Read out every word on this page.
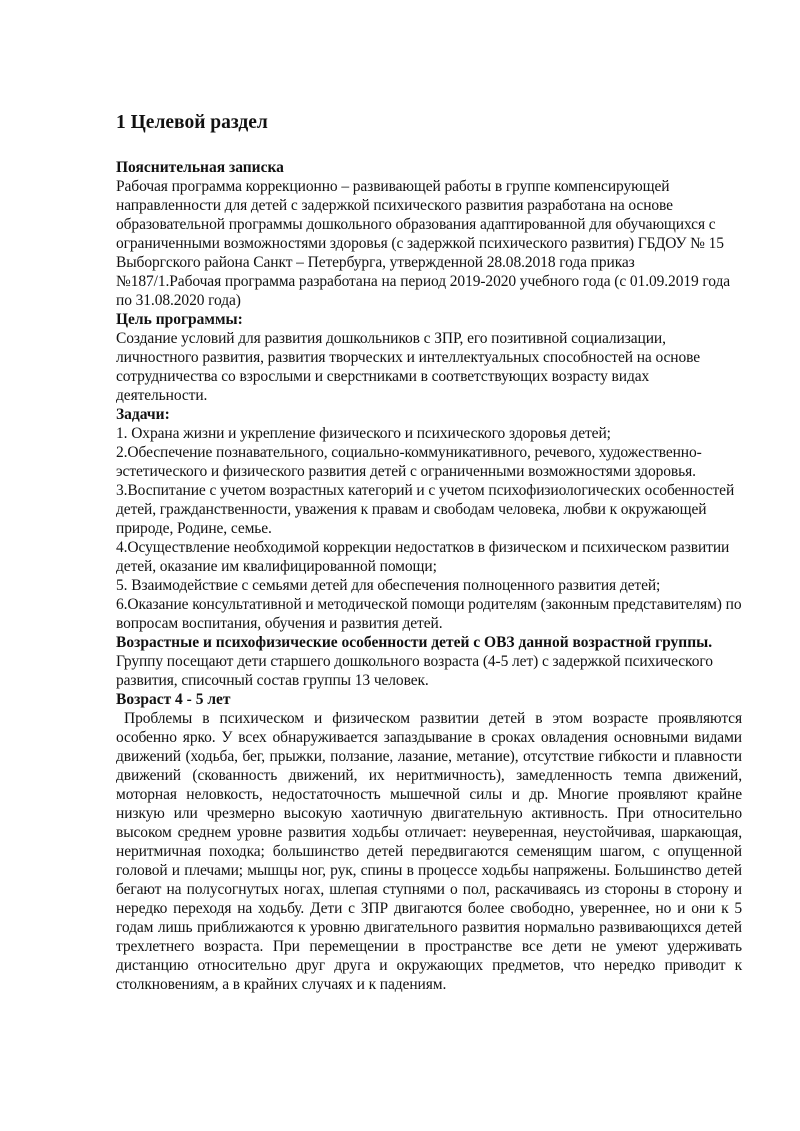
1 Целевой раздел

Пояснительная записка

Рабочая программа коррекционно – развивающей работы в группе компенсирующей направленности для детей с задержкой психического развития разработана на основе образовательной программы дошкольного образования адаптированной для обучающихся с ограниченными возможностями здоровья (с задержкой психического развития) ГБДОУ № 15 Выборгского района Санкт – Петербурга, утвержденной 28.08.2018 года приказ №187/1.Рабочая программа разработана на период 2019-2020 учебного года (с 01.09.2019 года по 31.08.2020 года)

Цель программы:

Создание условий для развития дошкольников с ЗПР, его позитивной социализации, личностного развития, развития творческих и интеллектуальных способностей на основе сотрудничества со взрослыми и сверстниками в соответствующих возрасту видах деятельности.

Задачи:

1. Охрана жизни и укрепление физического и психического здоровья детей;

2.Обеспечение познавательного, социально-коммуникативного, речевого, художественно-эстетического и физического развития детей с ограниченными возможностями здоровья.

3.Воспитание с учетом возрастных категорий и с учетом психофизиологических особенностей детей, гражданственности, уважения к правам и свободам человека, любви к окружающей природе, Родине, семье.

4.Осуществление необходимой коррекции недостатков в физическом и психическом развитии детей, оказание им квалифицированной помощи;

5. Взаимодействие с семьями детей для обеспечения полноценного развития детей;

6.Оказание консультативной и методической помощи родителям (законным представителям) по вопросам воспитания, обучения и развития детей.

Возрастные и психофизические особенности детей с ОВЗ данной возрастной группы.

Группу посещают дети старшего дошкольного возраста (4-5 лет) с задержкой психического развития, списочный состав группы 13 человек.

Возраст 4 - 5 лет

Проблемы в психическом и физическом развитии детей в этом возрасте проявляются особенно ярко. У всех обнаруживается запаздывание в сроках овладения основными видами движений (ходьба, бег, прыжки, ползание, лазание, метание), отсутствие гибкости и плавности движений (скованность движений, их неритмичность), замедленность темпа движений, моторная неловкость, недостаточность мышечной силы и др. Многие проявляют крайне низкую или чрезмерно высокую хаотичную двигательную активность. При относительно высоком среднем уровне развития ходьбы отличает: неуверенная, неустойчивая, шаркающая, неритмичная походка; большинство детей передвигаются семенящим шагом, с опущенной головой и плечами; мышцы ног, рук, спины в процессе ходьбы напряжены. Большинство детей бегают на полусогнутых ногах, шлепая ступнями о пол, раскачиваясь из стороны в сторону и нередко переходя на ходьбу. Дети с ЗПР двигаются более свободно, увереннее, но и они к 5 годам лишь приближаются к уровню двигательного развития нормально развивающихся детей трехлетнего возраста. При перемещении в пространстве все дети не умеют удерживать дистанцию относительно друг друга и окружающих предметов, что нередко приводит к столкновениям, а в крайних случаях и к падениям.
